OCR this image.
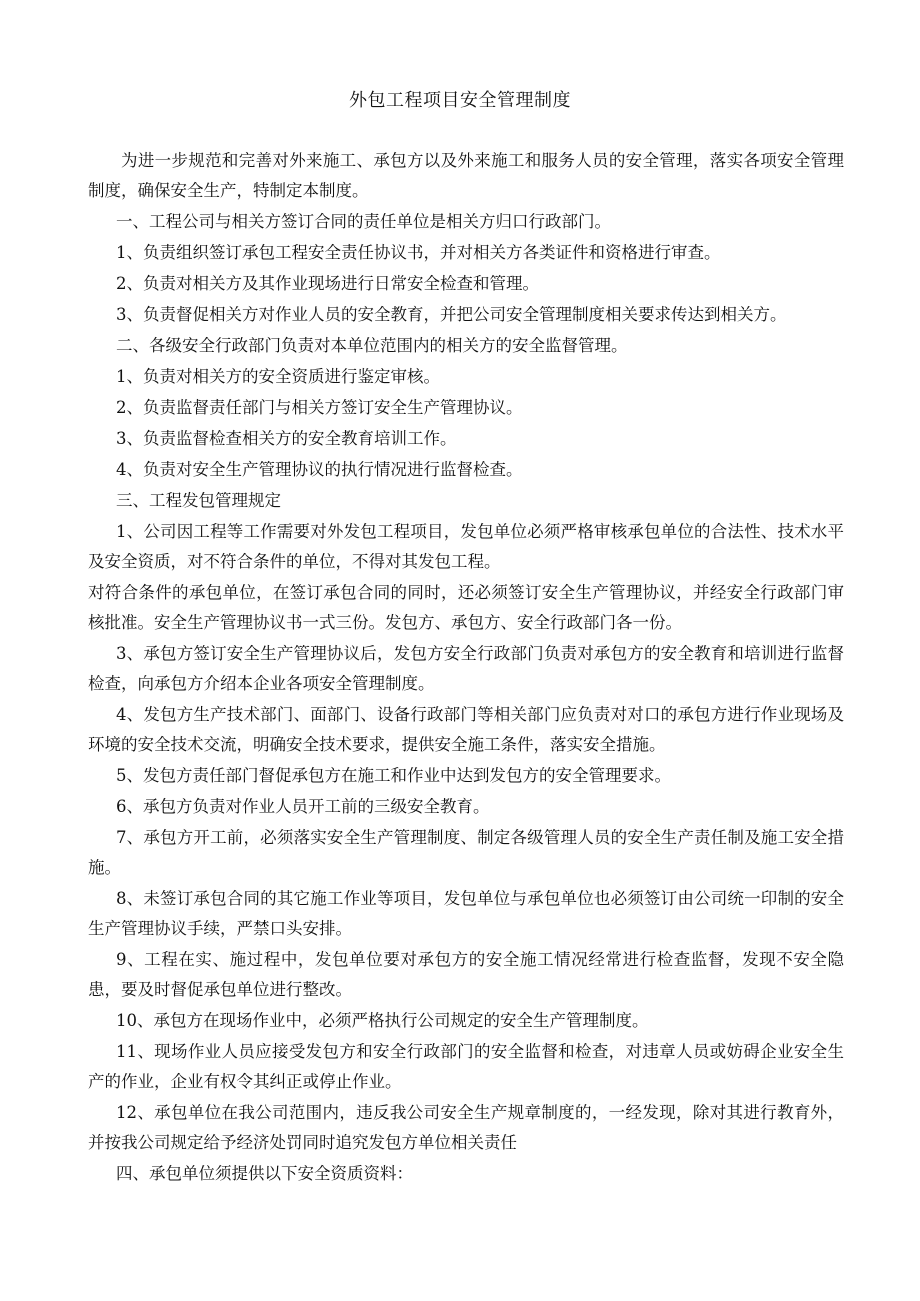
外包工程项目安全管理制度

为进一步规范和完善对外来施工、承包方以及外来施工和服务人员的安全管理，落实各项安全管理制度，确保安全生产，特制定本制度。

一、工程公司与相关方签订合同的责任单位是相关方归口行政部门。

1、负责组织签订承包工程安全责任协议书，并对相关方各类证件和资格进行审查。

2、负责对相关方及其作业现场进行日常安全检查和管理。

3、负责督促相关方对作业人员的安全教育，并把公司安全管理制度相关要求传达到相关方。

二、各级安全行政部门负责对本单位范围内的相关方的安全监督管理。

1、负责对相关方的安全资质进行鉴定审核。

2、负责监督责任部门与相关方签订安全生产管理协议。

3、负责监督检查相关方的安全教育培训工作。

4、负责对安全生产管理协议的执行情况进行监督检查。

三、工程发包管理规定

1、公司因工程等工作需要对外发包工程项目，发包单位必须严格审核承包单位的合法性、技术水平及安全资质，对不符合条件的单位，不得对其发包工程。

对符合条件的承包单位，在签订承包合同的同时，还必须签订安全生产管理协议，并经安全行政部门审核批准。安全生产管理协议书一式三份。发包方、承包方、安全行政部门各一份。

3、承包方签订安全生产管理协议后，发包方安全行政部门负责对承包方的安全教育和培训进行监督检查，向承包方介绍本企业各项安全管理制度。

4、发包方生产技术部门、面部门、设备行政部门等相关部门应负责对对口的承包方进行作业现场及环境的安全技术交流，明确安全技术要求，提供安全施工条件，落实安全措施。

5、发包方责任部门督促承包方在施工和作业中达到发包方的安全管理要求。

6、承包方负责对作业人员开工前的三级安全教育。

7、承包方开工前，必须落实安全生产管理制度、制定各级管理人员的安全生产责任制及施工安全措施。

8、未签订承包合同的其它施工作业等项目，发包单位与承包单位也必须签订由公司统一印制的安全生产管理协议手续，严禁口头安排。

9、工程在实、施过程中，发包单位要对承包方的安全施工情况经常进行检查监督，发现不安全隐患，要及时督促承包单位进行整改。

10、承包方在现场作业中，必须严格执行公司规定的安全生产管理制度。

11、现场作业人员应接受发包方和安全行政部门的安全监督和检查，对违章人员或妨碍企业安全生产的作业，企业有权令其纠正或停止作业。

12、承包单位在我公司范围内，违反我公司安全生产规章制度的，一经发现，除对其进行教育外，并按我公司规定给予经济处罚同时追究发包方单位相关责任

四、承包单位须提供以下安全资质资料：
